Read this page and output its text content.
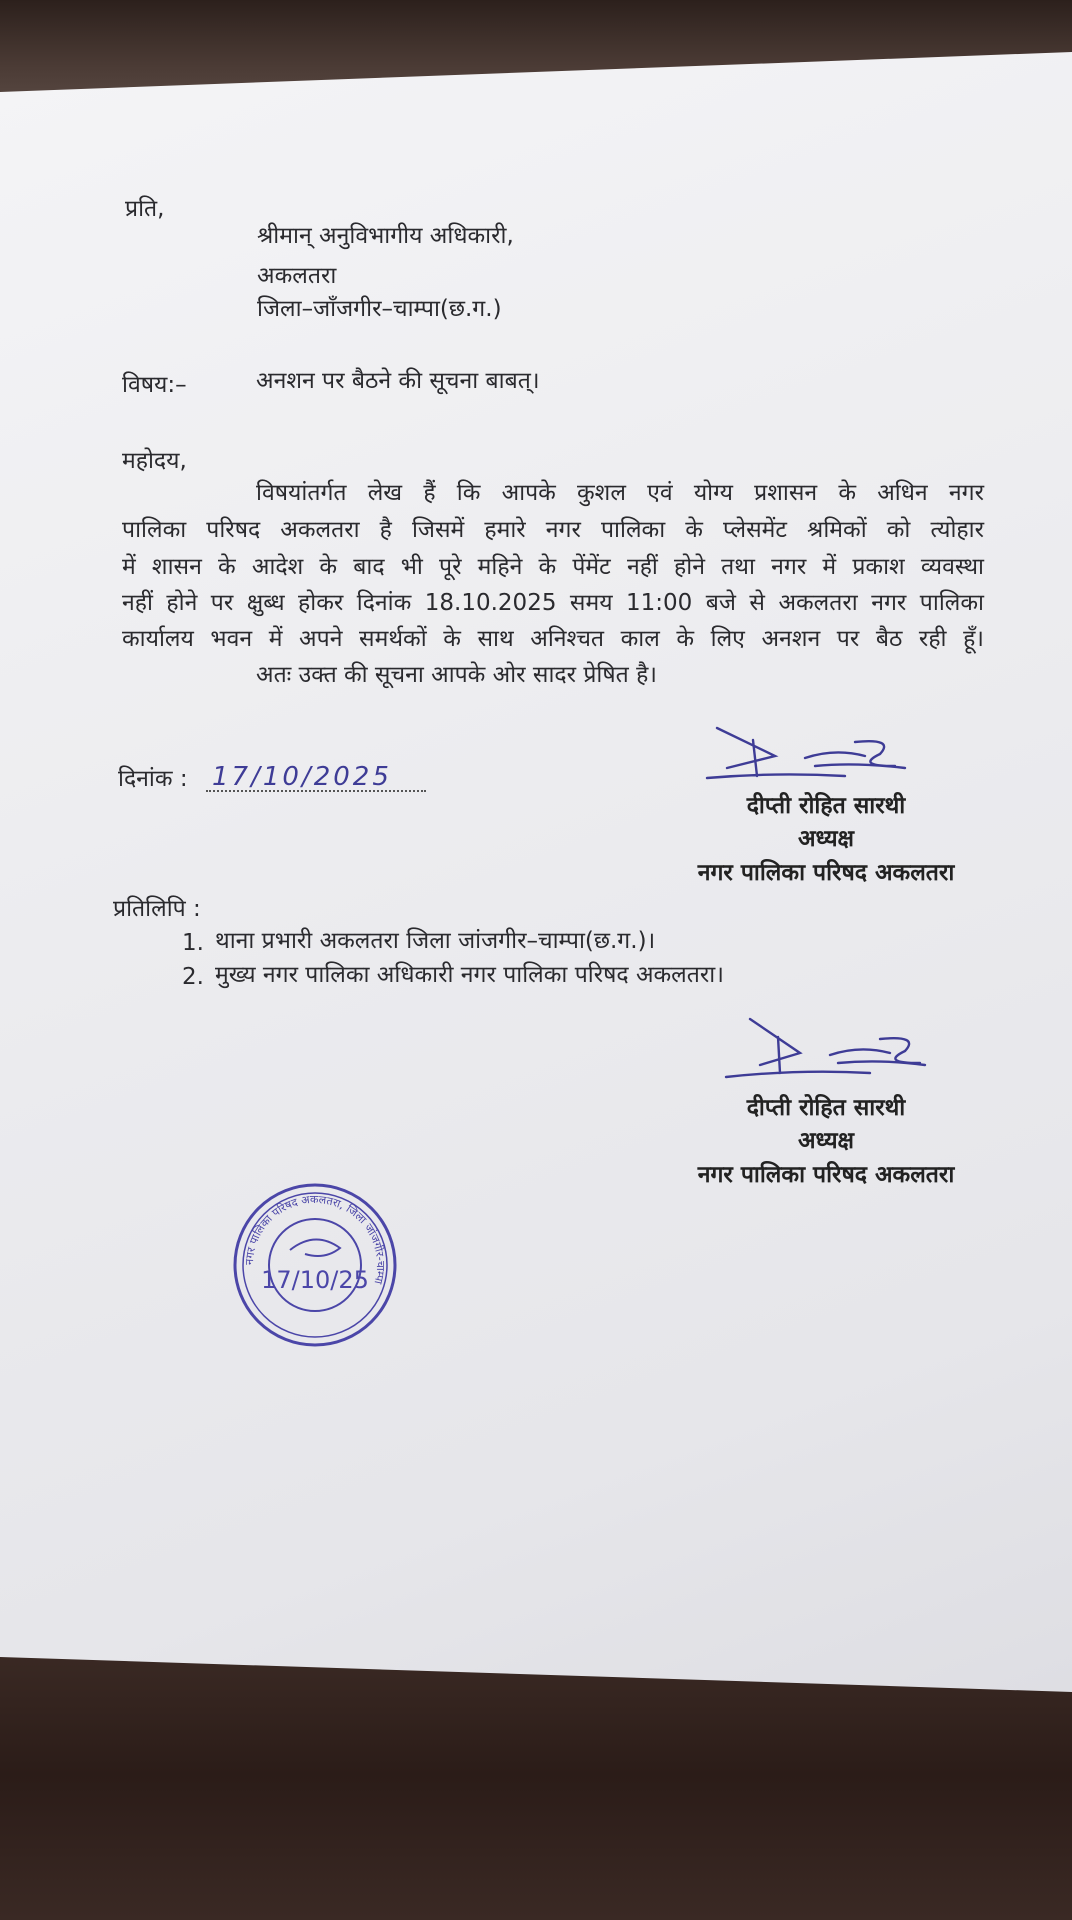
प्रति,
श्रीमान् अनुविभागीय अधिकारी,
अकलतरा
जिला–जाँजगीर–चाम्पा(छ.ग.)
विषय:–	अनशन पर बैठने की सूचना बाबत्।
महोदय,
विषयांतर्गत लेख हैं कि आपके कुशल एवं योग्य प्रशासन के अधिन नगर
पालिका परिषद अकलतरा है जिसमें हमारे नगर पालिका के प्लेसमेंट श्रमिकों को त्योहार
में शासन के आदेश के बाद भी पूरे महिने के पेंमेंट नहीं होने तथा नगर में प्रकाश व्यवस्था
नहीं होने पर क्षुब्ध होकर दिनांक 18.10.2025 समय 11:00 बजे से अकलतरा नगर पालिका
कार्यालय भवन में अपने समर्थकों के साथ अनिश्चत काल के लिए अनशन पर बैठ रही हूँ।
अतः उक्त की सूचना आपके ओर सादर प्रेषित है।
दिनांक : 17/10/2025
दीप्ती रोहित सारथी
अध्यक्ष
नगर पालिका परिषद अकलतरा
प्रतिलिपि :
1. थाना प्रभारी अकलतरा जिला जांजगीर–चाम्पा(छ.ग.)।
2. मुख्य नगर पालिका अधिकारी नगर पालिका परिषद अकलतरा।
दीप्ती रोहित सारथी
अध्यक्ष
नगर पालिका परिषद अकलतरा
नगर पालिका परिषद अकलतरा, जिला जांजगीर-चाम्पा
17/10/25
